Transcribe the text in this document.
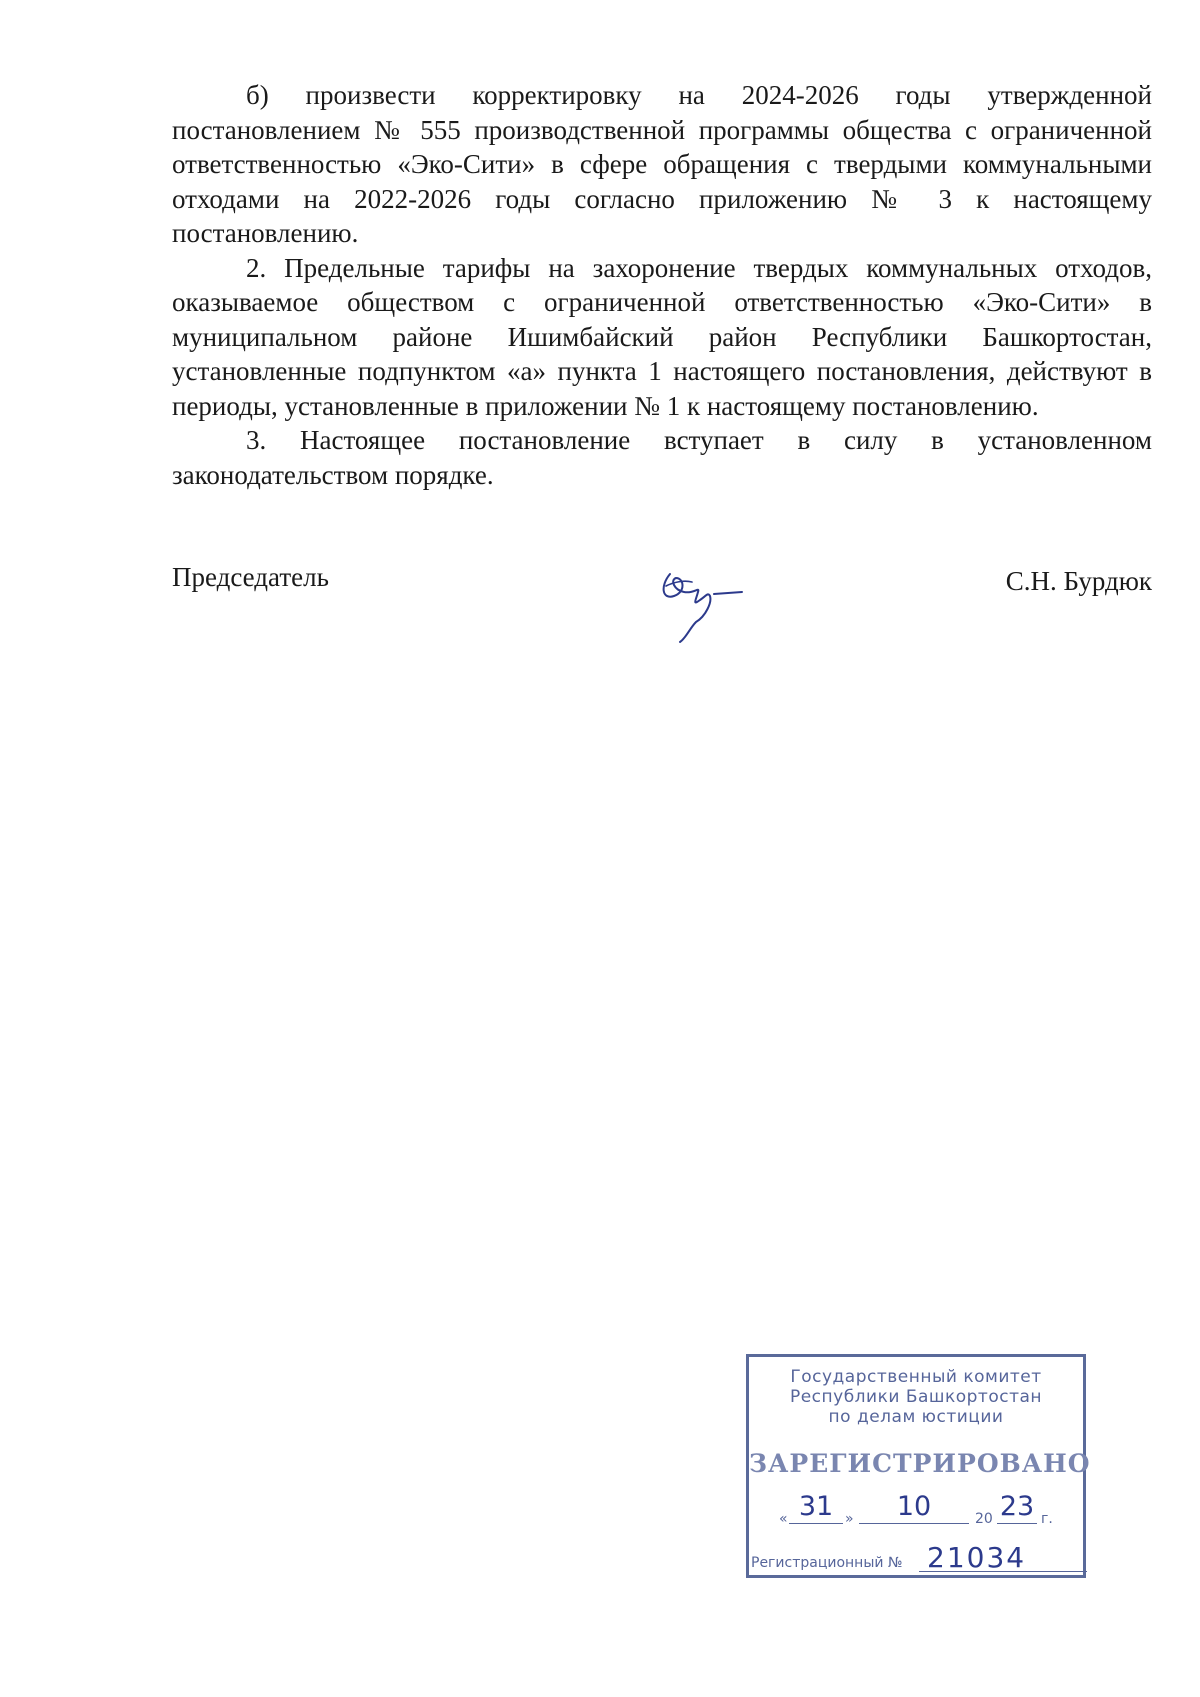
б) произвести корректировку на 2024-2026 годы утвержденной постановлением № 555 производственной программы общества с ограниченной ответственностью «Эко-Сити» в сфере обращения с твердыми коммунальными отходами на 2022-2026 годы согласно приложению № 3 к настоящему постановлению.

2. Предельные тарифы на захоронение твердых коммунальных отходов, оказываемое обществом с ограниченной ответственностью «Эко-Сити» в муниципальном районе Ишимбайский район Республики Башкортостан, установленные подпунктом «а» пункта 1 настоящего постановления, действуют в периоды, установленные в приложении № 1 к настоящему постановлению.

3. Настоящее постановление вступает в силу в установленном законодательством порядке.

Председатель	С.Н. Бурдюк
Государственный комитет
Республики Башкортостан
по делам юстиции
ЗАРЕГИСТРИРОВАНО
« 31 »	10	20 23 г.
Регистрационный № 21034
